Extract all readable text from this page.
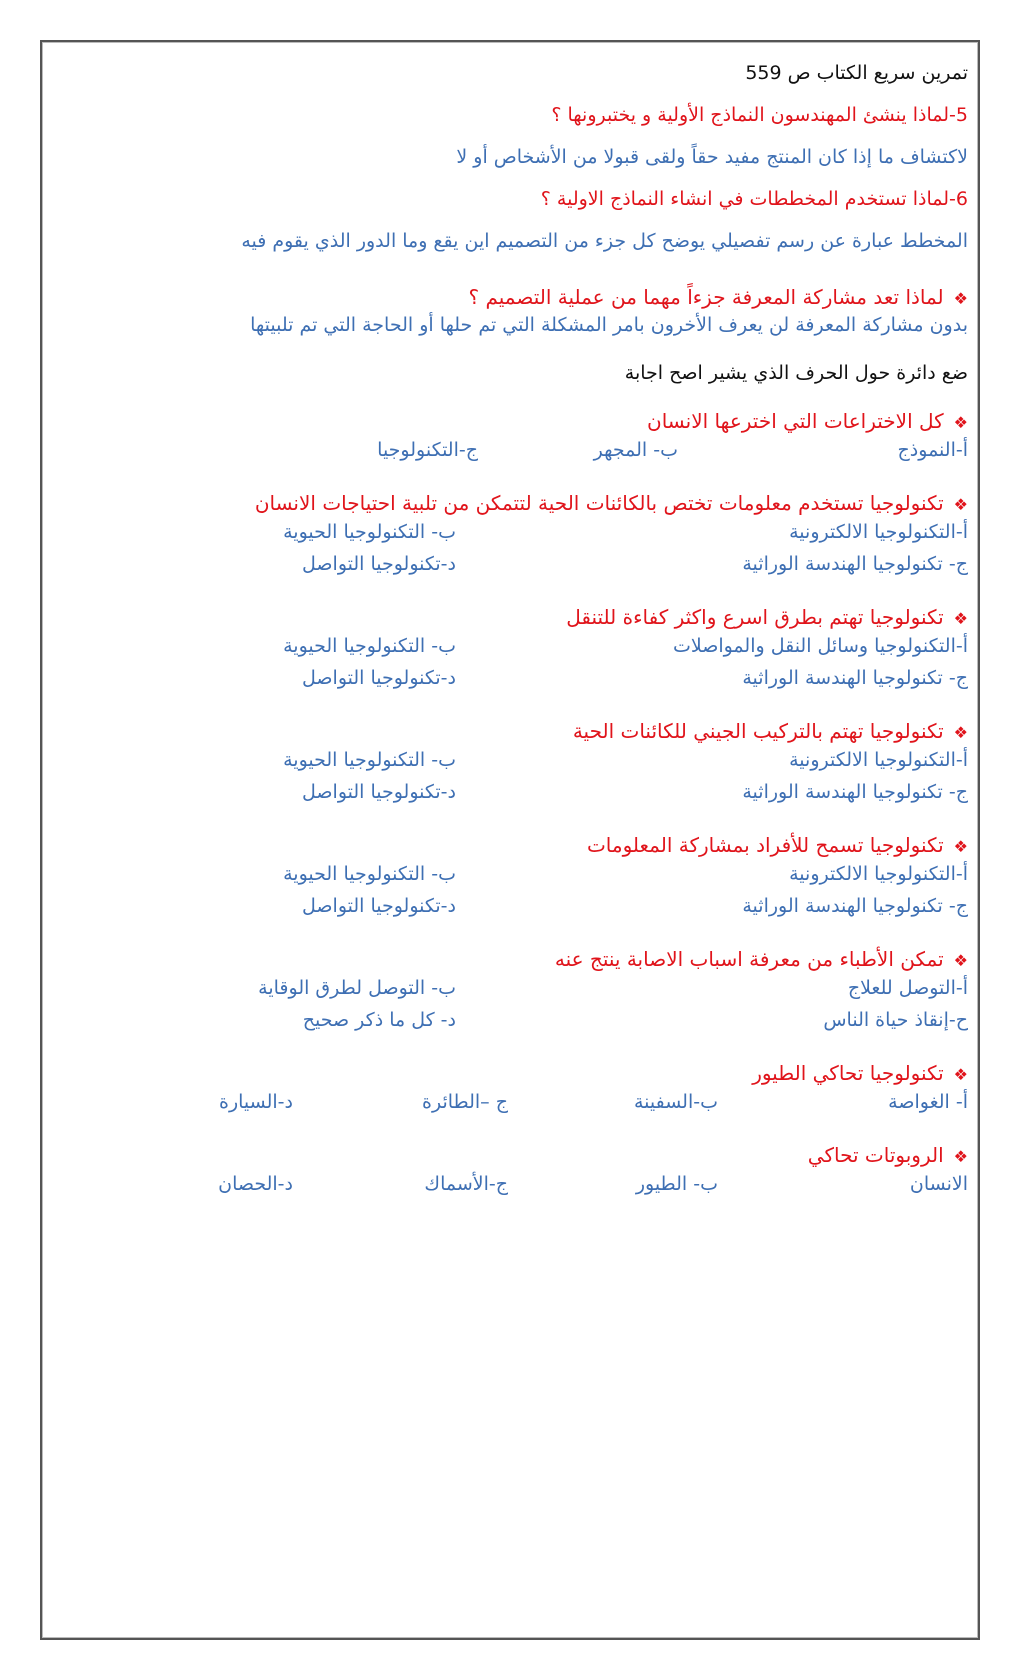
تمرين سريع الكتاب ص 559
5-لماذا ينشئ المهندسون النماذج الأولية و يختبرونها ؟
لاكتشاف ما إذا كان المنتج مفيد حقاً ولقى قبولا من الأشخاص أو لا
6-لماذا تستخدم المخططات في انشاء النماذج الاولية ؟
المخطط عبارة عن رسم تفصيلي يوضح كل جزء من التصميم اين يقع وما الدور الذي يقوم فيه
❖لماذا تعد مشاركة المعرفة جزءاً مهما من عملية التصميم ؟
بدون مشاركة المعرفة لن يعرف الأخرون بامر المشكلة التي تم حلها أو الحاجة التي تم تلبيتها
ضع دائرة حول الحرف الذي يشير اصح اجابة
❖كل الاختراعات التي اخترعها الانسان
أ-النموذج
ب- المجهر
ج-التكنولوجيا
❖تكنولوجيا تستخدم معلومات تختص بالكائنات الحية لتتمكن من تلبية احتياجات الانسان
أ-التكنولوجيا الالكترونية
ب- التكنولوجيا الحيوية
ج- تكنولوجيا الهندسة الوراثية
د-تكنولوجيا التواصل
❖تكنولوجيا تهتم بطرق اسرع واكثر كفاءة للتنقل
أ-التكنولوجيا وسائل النقل والمواصلات
ب- التكنولوجيا الحيوية
ج- تكنولوجيا الهندسة الوراثية
د-تكنولوجيا التواصل
❖تكنولوجيا تهتم بالتركيب الجيني للكائنات الحية
أ-التكنولوجيا الالكترونية
ب- التكنولوجيا الحيوية
ج- تكنولوجيا الهندسة الوراثية
د-تكنولوجيا التواصل
❖تكنولوجيا تسمح للأفراد بمشاركة المعلومات
أ-التكنولوجيا الالكترونية
ب- التكنولوجيا الحيوية
ج- تكنولوجيا الهندسة الوراثية
د-تكنولوجيا التواصل
❖تمكن الأطباء من معرفة اسباب الاصابة ينتج عنه
أ-التوصل للعلاج
ب- التوصل لطرق الوقاية
ح-إنقاذ حياة الناس
د- كل ما ذكر صحيح
❖تكنولوجيا تحاكي الطيور
أ- الغواصة
ب-السفينة
ج –الطائرة
د-السيارة
❖الروبوتات تحاكي
الانسان
ب- الطيور
ج-الأسماك
د-الحصان
